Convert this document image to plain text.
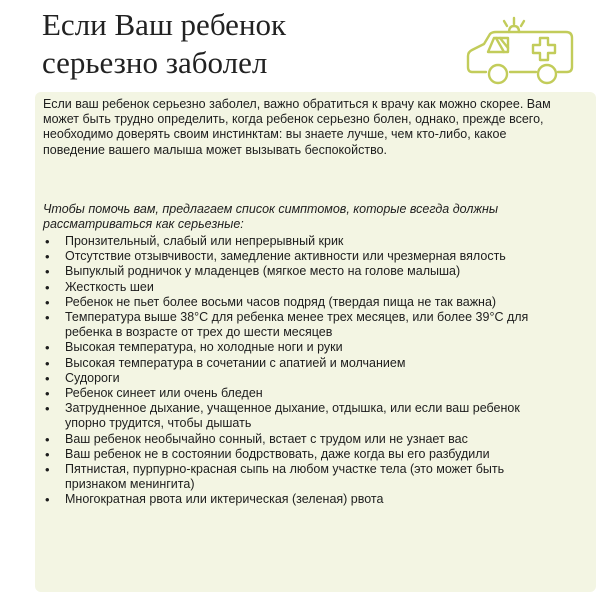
Если Ваш ребенок
серьезно заболел

Если ваш ребенок серьезно заболел, важно обратиться к врачу как можно скорее. Вам может быть трудно определить, когда ребенок серьезно болен, однако, прежде всего, необходимо доверять своим инстинктам: вы знаете лучше, чем кто-либо, какое поведение вашего малыша может вызывать беспокойство.

Чтобы помочь вам, предлагаем список симптомов, которые всегда должны рассматриваться как серьезные:

• Пронзительный, слабый или непрерывный крик
• Отсутствие отзывчивости, замедление активности или чрезмерная вялость
• Выпуклый родничок у младенцев (мягкое место на голове малыша)
• Жесткость шеи
• Ребенок не пьет более восьми часов подряд (твердая пища не так важна)
• Температура выше 38°C для ребенка менее трех месяцев, или более 39°C для ребенка в возрасте от трех до шести месяцев
• Высокая температура, но холодные ноги и руки
• Высокая температура в сочетании с апатией и молчанием
• Судороги
• Ребенок синеет или очень бледен
• Затрудненное дыхание, учащенное дыхание, отдышка, или если ваш ребенок упорно трудится, чтобы дышать
• Ваш ребенок необычайно сонный, встает с трудом или не узнает вас
• Ваш ребенок не в состоянии бодрствовать, даже когда вы его разбудили
• Пятнистая, пурпурно-красная сыпь на любом участке тела (это может быть признаком менингита)
• Многократная рвота или иктерическая (зеленая) рвота
